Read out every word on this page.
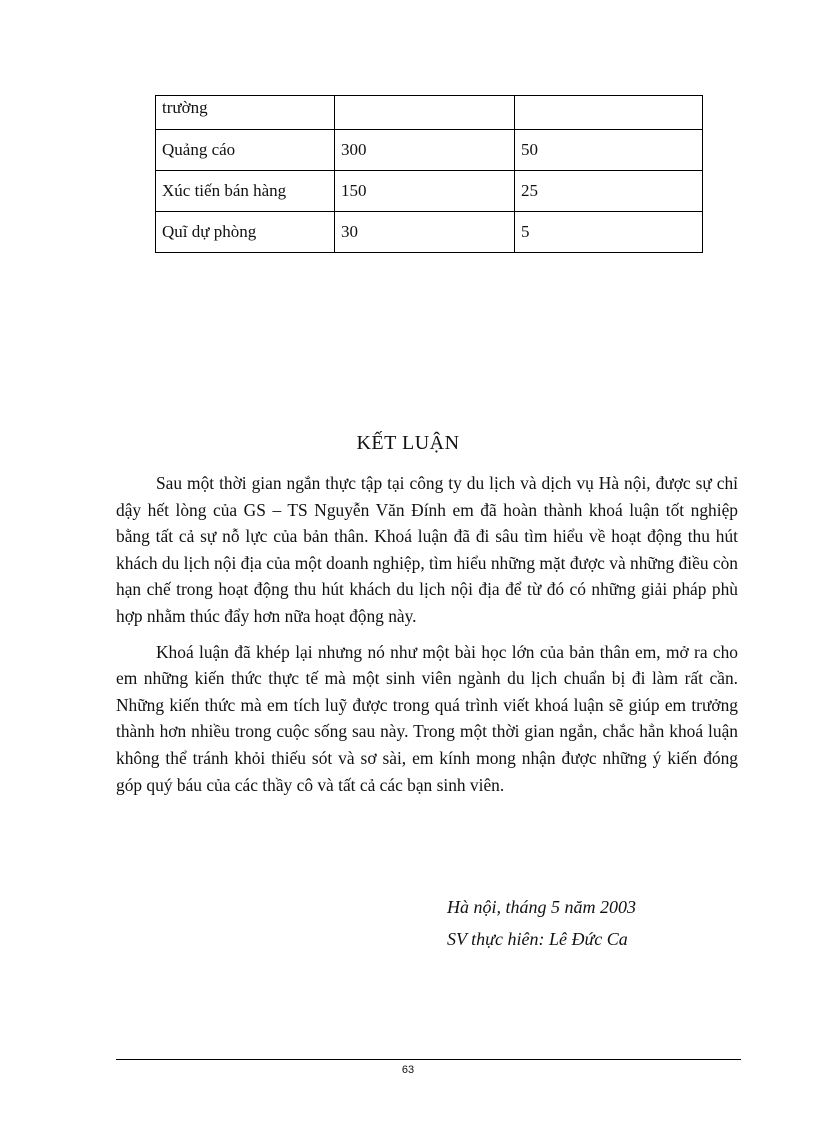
trường		
Quảng cáo	300	50
Xúc tiến bán hàng	150	25
Quĩ dự phòng	30	5
KẾT LUẬN

Sau một thời gian ngắn thực tập tại công ty du lịch và dịch vụ Hà nội, được sự chỉ dậy hết lòng của GS – TS Nguyễn Văn Đính em đã hoàn thành khoá luận tốt nghiệp bằng tất cả sự nỗ lực của bản thân. Khoá luận đã đi sâu tìm hiểu về hoạt động thu hút khách du lịch nội địa của một doanh nghiệp, tìm hiểu những mặt được và những điều còn hạn chế trong hoạt động thu hút khách du lịch nội địa để từ đó có những giải pháp phù hợp nhằm thúc đẩy hơn nữa hoạt động này.

Khoá luận đã khép lại nhưng nó như một bài học lớn của bản thân em, mở ra cho em những kiến thức thực tế mà một sinh viên ngành du lịch chuẩn bị đi làm rất cần. Những kiến thức mà em tích luỹ được trong quá trình viết khoá luận sẽ giúp em trưởng thành hơn nhiều trong cuộc sống sau này. Trong một thời gian ngắn, chắc hẳn khoá luận không thể tránh khỏi thiếu sót và sơ sài, em kính mong nhận được những ý kiến đóng góp quý báu của các thầy cô và tất cả các bạn sinh viên.

Hà nội, tháng 5 năm 2003
SV thực hiên: Lê Đức Ca
63
